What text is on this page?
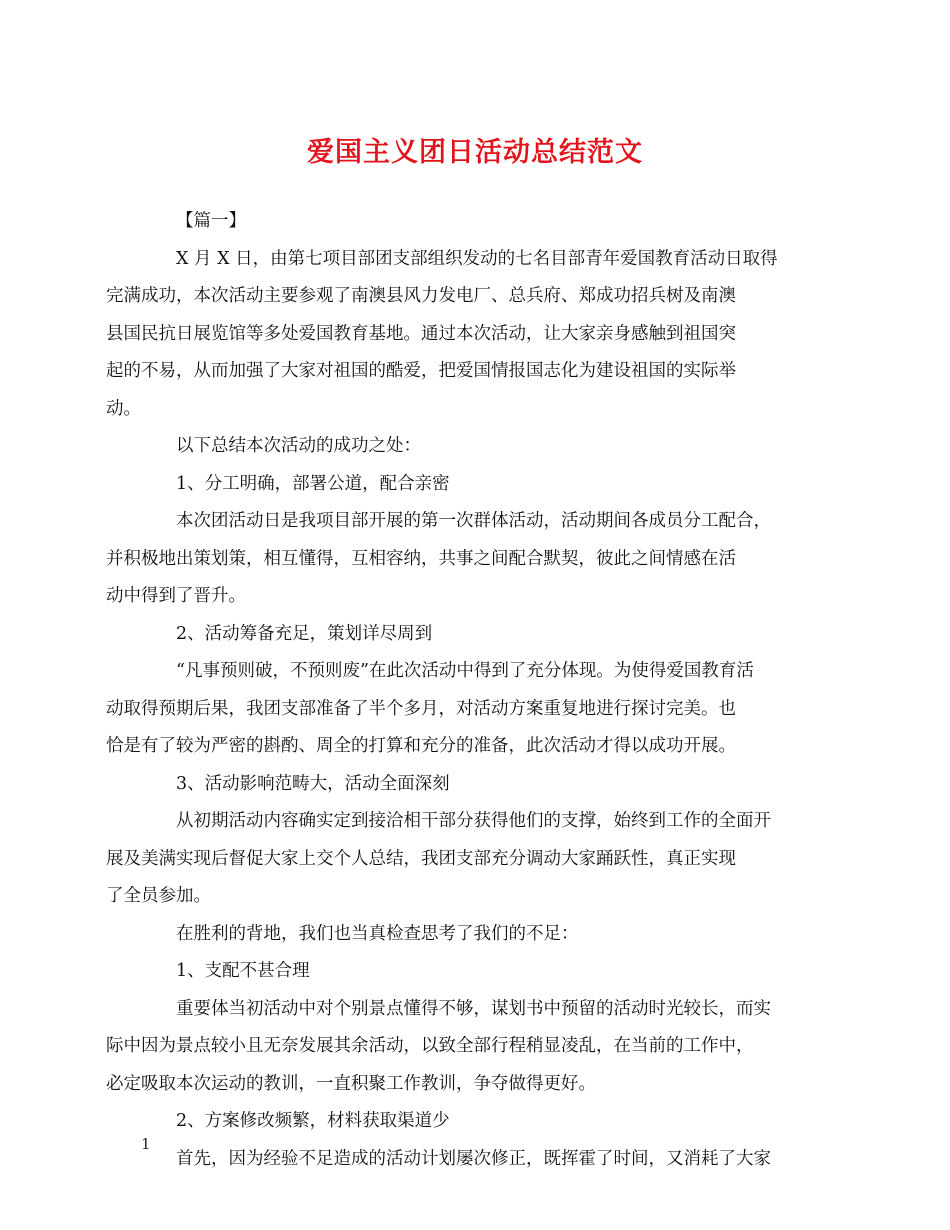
爱国主义团日活动总结范文

【篇一】

X 月 X 日，由第七项目部团支部组织发动的七名目部青年爱国教育活动日取得
完满成功，本次活动主要参观了南澳县风力发电厂、总兵府、郑成功招兵树及南澳
县国民抗日展览馆等多处爱国教育基地。通过本次活动，让大家亲身感触到祖国突
起的不易，从而加强了大家对祖国的酷爱，把爱国情报国志化为建设祖国的实际举
动。

以下总结本次活动的成功之处：

1、分工明确，部署公道，配合亲密

本次团活动日是我项目部开展的第一次群体活动，活动期间各成员分工配合，
并积极地出策划策，相互懂得，互相容纳，共事之间配合默契，彼此之间情感在活
动中得到了晋升。

2、活动筹备充足，策划详尽周到

“凡事预则破，不预则废”在此次活动中得到了充分体现。为使得爱国教育活
动取得预期后果，我团支部准备了半个多月，对活动方案重复地进行探讨完美。也
恰是有了较为严密的斟酌、周全的打算和充分的准备，此次活动才得以成功开展。

3、活动影响范畴大，活动全面深刻

从初期活动内容确实定到接洽相干部分获得他们的支撑，始终到工作的全面开
展及美满实现后督促大家上交个人总结，我团支部充分调动大家踊跃性，真正实现
了全员参加。

在胜利的背地，我们也当真检查思考了我们的不足：

1、支配不甚合理

重要体当初活动中对个别景点懂得不够，谋划书中预留的活动时光较长，而实
际中因为景点较小且无奈发展其余活动，以致全部行程稍显凌乱，在当前的工作中，
必定吸取本次运动的教训，一直积聚工作教训，争夺做得更好。

2、方案修改频繁，材料获取渠道少

首先，因为经验不足造成的活动计划屡次修正，既挥霍了时间，又消耗了大家

1
